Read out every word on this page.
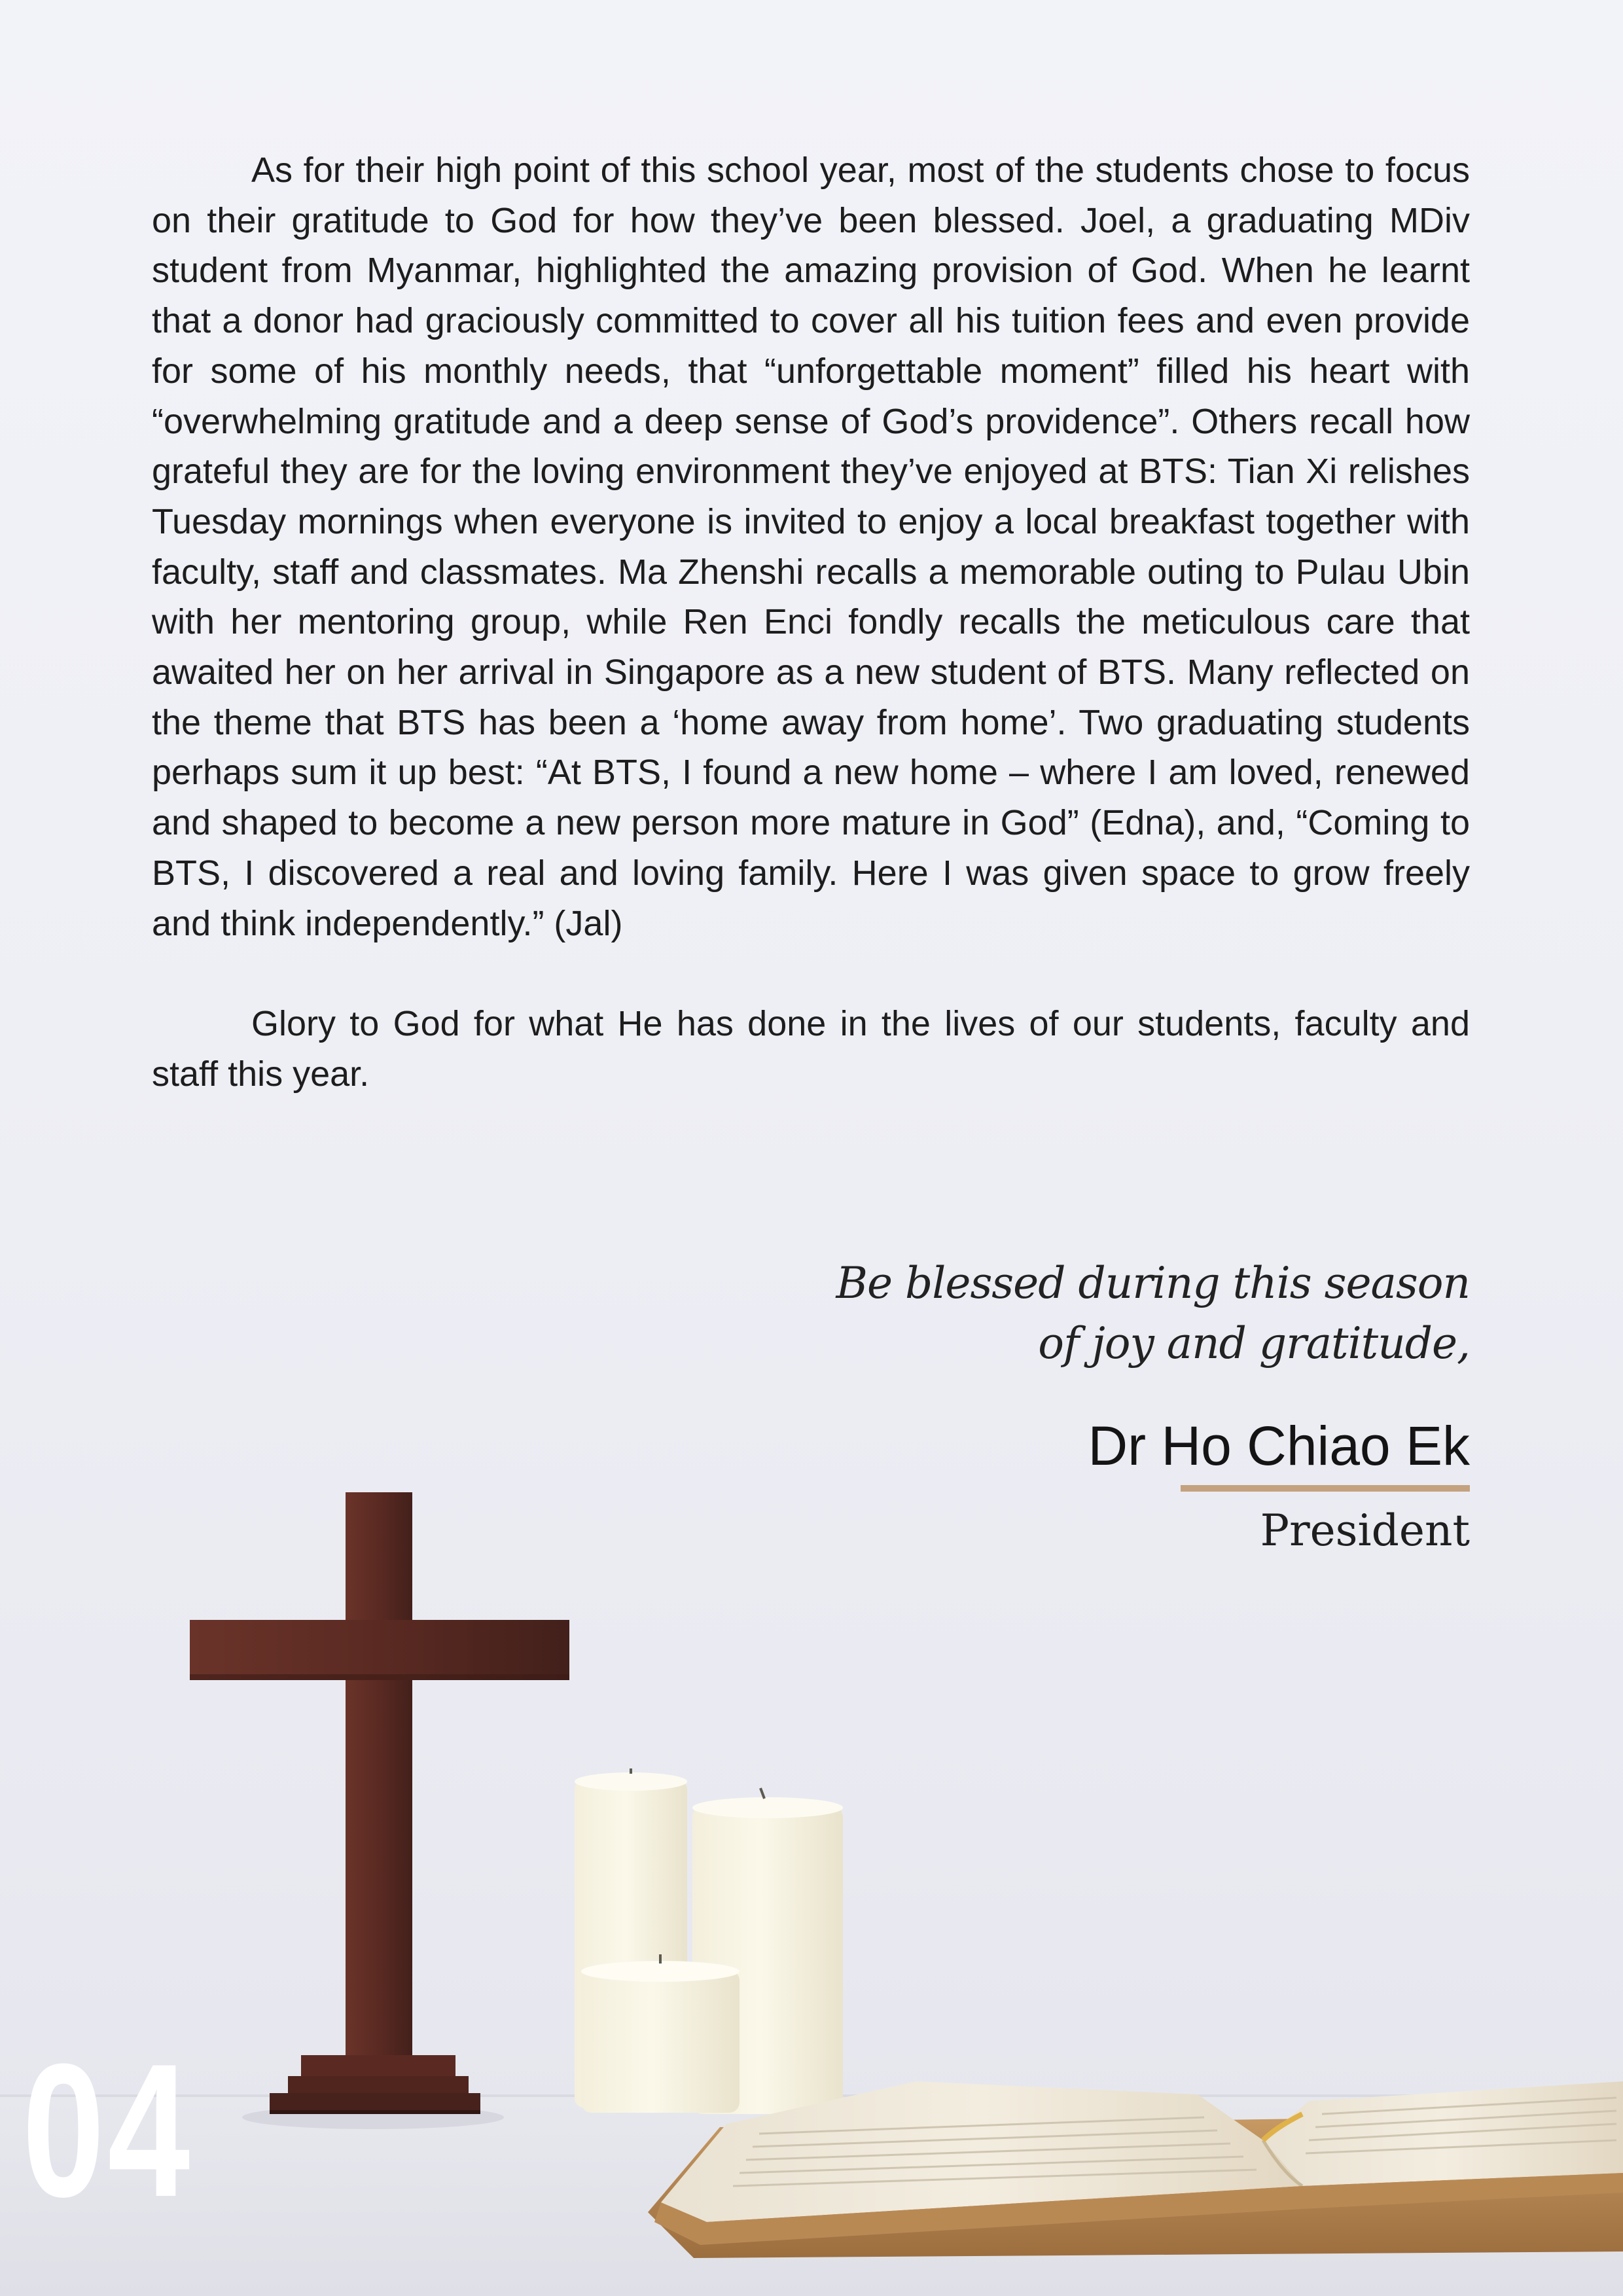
As for their high point of this school year, most of the students chose to focus on their gratitude to God for how they’ve been blessed. Joel, a graduating MDiv student from Myanmar, highlighted the amazing provision of God. When he learnt that a donor had graciously committed to cover all his tuition fees and even provide for some of his monthly needs, that “unforgettable moment” filled his heart with “overwhelming gratitude and a deep sense of God’s providence”. Others recall how grateful they are for the loving environment they’ve enjoyed at BTS: Tian Xi relishes Tuesday mornings when everyone is invited to enjoy a local breakfast together with faculty, staff and classmates. Ma Zhenshi recalls a memorable outing to Pulau Ubin with her mentoring group, while Ren Enci fondly recalls the meticulous care that awaited her on her arrival in Singapore as a new student of BTS. Many reflected on the theme that BTS has been a ‘home away from home’. Two graduating students perhaps sum it up best: “At BTS, I found a new home – where I am loved, renewed and shaped to become a new person more mature in God” (Edna), and, “Coming to BTS, I discovered a real and loving family. Here I was given space to grow freely and think independently.” (Jal)

Glory to God for what He has done in the lives of our students, faculty and staff this year.

Be blessed during this season
of joy and gratitude,
Dr Ho Chiao Ek
President
04
